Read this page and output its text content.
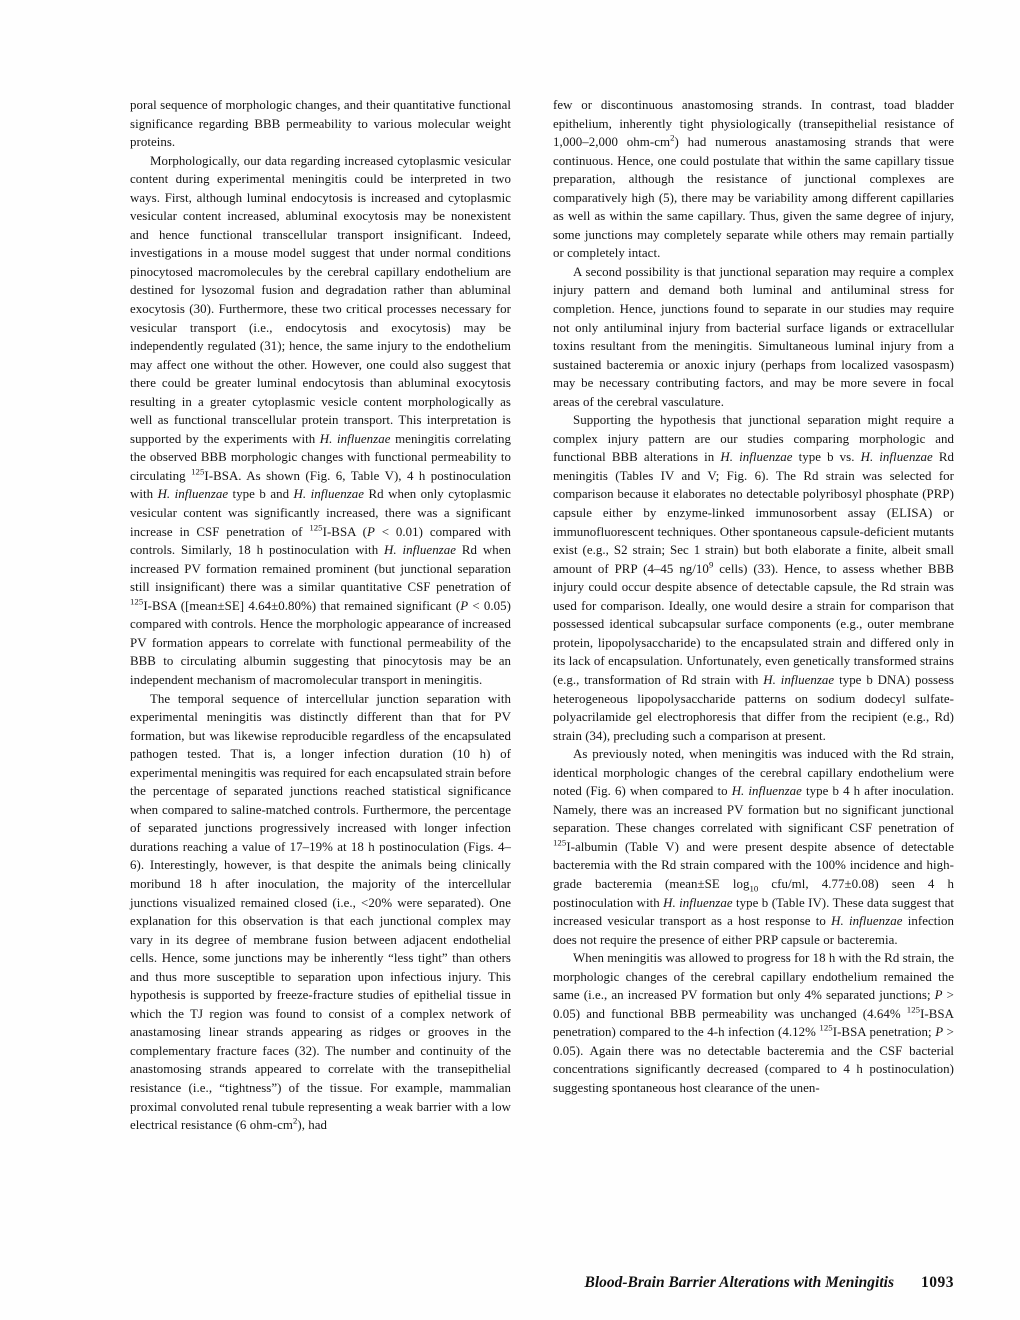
poral sequence of morphologic changes, and their quantitative functional significance regarding BBB permeability to various molecular weight proteins.

Morphologically, our data regarding increased cytoplasmic vesicular content during experimental meningitis could be interpreted in two ways. First, although luminal endocytosis is increased and cytoplasmic vesicular content increased, abluminal exocytosis may be nonexistent and hence functional transcellular transport insignificant. Indeed, investigations in a mouse model suggest that under normal conditions pinocytosed macromolecules by the cerebral capillary endothelium are destined for lysozomal fusion and degradation rather than abluminal exocytosis (30). Furthermore, these two critical processes necessary for vesicular transport (i.e., endocytosis and exocytosis) may be independently regulated (31); hence, the same injury to the endothelium may affect one without the other. However, one could also suggest that there could be greater luminal endocytosis than abluminal exocytosis resulting in a greater cytoplasmic vesicle content morphologically as well as functional transcellular protein transport. This interpretation is supported by the experiments with H. influenzae meningitis correlating the observed BBB morphologic changes with functional permeability to circulating $^{125}$I-BSA. As shown (Fig. 6, Table V), 4 h postinoculation with H. influenzae type b and H. influenzae Rd when only cytoplasmic vesicular content was significantly increased, there was a significant increase in CSF penetration of $^{125}$I-BSA (P < 0.01) compared with controls. Similarly, 18 h postinoculation with H. influenzae Rd when increased PV formation remained prominent (but junctional separation still insignificant) there was a similar quantitative CSF penetration of $^{125}$I-BSA ([mean±SE] 4.64±0.80%) that remained significant (P < 0.05) compared with controls. Hence the morphologic appearance of increased PV formation appears to correlate with functional permeability of the BBB to circulating albumin suggesting that pinocytosis may be an independent mechanism of macromolecular transport in meningitis.

The temporal sequence of intercellular junction separation with experimental meningitis was distinctly different than that for PV formation, but was likewise reproducible regardless of the encapsulated pathogen tested. That is, a longer infection duration (10 h) of experimental meningitis was required for each encapsulated strain before the percentage of separated junctions reached statistical significance when compared to saline-matched controls. Furthermore, the percentage of separated junctions progressively increased with longer infection durations reaching a value of 17–19% at 18 h postinoculation (Figs. 4–6). Interestingly, however, is that despite the animals being clinically moribund 18 h after inoculation, the majority of the intercellular junctions visualized remained closed (i.e., <20% were separated). One explanation for this observation is that each junctional complex may vary in its degree of membrane fusion between adjacent endothelial cells. Hence, some junctions may be inherently “less tight” than others and thus more susceptible to separation upon infectious injury. This hypothesis is supported by freeze-fracture studies of epithelial tissue in which the TJ region was found to consist of a complex network of anastamosing linear strands appearing as ridges or grooves in the complementary fracture faces (32). The number and continuity of the anastomosing strands appeared to correlate with the transepithelial resistance (i.e., “tightness”) of the tissue. For example, mammalian proximal convoluted renal tubule representing a weak barrier with a low electrical resistance (6 ohm-$cm^2$), had

few or discontinuous anastomosing strands. In contrast, toad bladder epithelium, inherently tight physiologically (transepithelial resistance of 1,000–2,000 ohm-$cm^2$) had numerous anastamosing strands that were continuous. Hence, one could postulate that within the same capillary tissue preparation, although the resistance of junctional complexes are comparatively high (5), there may be variability among different capillaries as well as within the same capillary. Thus, given the same degree of injury, some junctions may completely separate while others may remain partially or completely intact.

A second possibility is that junctional separation may require a complex injury pattern and demand both luminal and antiluminal stress for completion. Hence, junctions found to separate in our studies may require not only antiluminal injury from bacterial surface ligands or extracellular toxins resultant from the meningitis. Simultaneous luminal injury from a sustained bacteremia or anoxic injury (perhaps from localized vasospasm) may be necessary contributing factors, and may be more severe in focal areas of the cerebral vasculature.

Supporting the hypothesis that junctional separation might require a complex injury pattern are our studies comparing morphologic and functional BBB alterations in H. influenzae type b vs. H. influenzae Rd meningitis (Tables IV and V; Fig. 6). The Rd strain was selected for comparison because it elaborates no detectable polyribosyl phosphate (PRP) capsule either by enzyme-linked immunosorbent assay (ELISA) or immunofluorescent techniques. Other spontaneous capsule-deficient mutants exist (e.g., S2 strain; Sec 1 strain) but both elaborate a finite, albeit small amount of PRP (4–45 $ng/10^9$ cells) (33). Hence, to assess whether BBB injury could occur despite absence of detectable capsule, the Rd strain was used for comparison. Ideally, one would desire a strain for comparison that possessed identical subcapsular surface components (e.g., outer membrane protein, lipopolysaccharide) to the encapsulated strain and differed only in its lack of encapsulation. Unfortunately, even genetically transformed strains (e.g., transformation of Rd strain with H. influenzae type b DNA) possess heterogeneous lipopolysaccharide patterns on sodium dodecyl sulfate-polyacrilamide gel electrophoresis that differ from the recipient (e.g., Rd) strain (34), precluding such a comparison at present.

As previously noted, when meningitis was induced with the Rd strain, identical morphologic changes of the cerebral capillary endothelium were noted (Fig. 6) when compared to H. influenzae type b 4 h after inoculation. Namely, there was an increased PV formation but no significant junctional separation. These changes correlated with significant CSF penetration of $^{125}$I-albumin (Table V) and were present despite absence of detectable bacteremia with the Rd strain compared with the 100% incidence and high-grade bacteremia (mean±SE $\log_{10} cfu/ml$, 4.77±0.08) seen 4 h postinoculation with H. influenzae type b (Table IV). These data suggest that increased vesicular transport as a host response to H. influenzae infection does not require the presence of either PRP capsule or bacteremia.

When meningitis was allowed to progress for 18 h with the Rd strain, the morphologic changes of the cerebral capillary endothelium remained the same (i.e., an increased PV formation but only 4% separated junctions; P > 0.05) and functional BBB permeability was unchanged (4.64% $^{125}$I-BSA penetration) compared to the 4-h infection (4.12% $^{125}$I-BSA penetration; P > 0.05). Again there was no detectable bacteremia and the CSF bacterial concentrations significantly decreased (compared to 4 h postinoculation) suggesting spontaneous host clearance of the unen-

Blood-Brain Barrier Alterations with Meningitis 1093
